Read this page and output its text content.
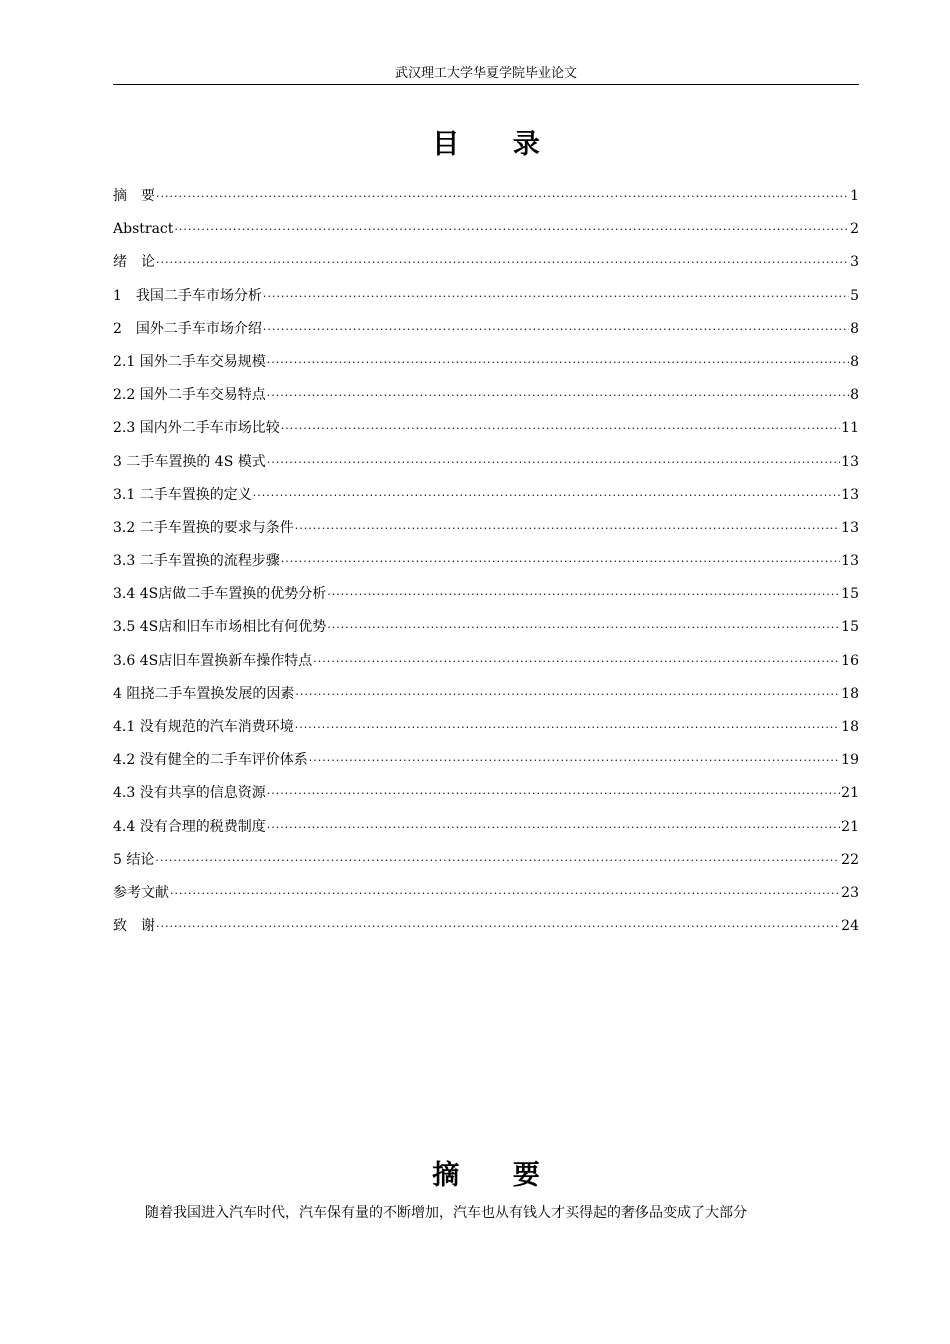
武汉理工大学华夏学院毕业论文
目 录
摘　要 ·····	1
Abstract ·····	2
绪　论 ·····	3
1　我国二手车市场分析 ·····	5
2　国外二手车市场介绍 ·····	8
2.1 国外二手车交易规模 ·····	8
2.2 国外二手车交易特点 ·····	8
2.3 国内外二手车市场比较 ·····	11
3 二手车置换的 4S 模式 ·····	13
3.1 二手车置换的定义 ·····	13
3.2 二手车置换的要求与条件 ·····	13
3.3 二手车置换的流程步骤 ·····	13
3.4 4S店做二手车置换的优势分析 ·····	15
3.5 4S店和旧车市场相比有何优势 ·····	15
3.6 4S店旧车置换新车操作特点 ·····	16
4 阻挠二手车置换发展的因素 ·····	18
4.1 没有规范的汽车消费环境 ·····	18
4.2 没有健全的二手车评价体系 ·····	19
4.3 没有共享的信息资源 ·····	21
4.4 没有合理的税费制度 ·····	21
5 结论 ·····	22
参考文献 ·····	23
致　谢 ·····	24
摘 要
随着我国进入汽车时代，汽车保有量的不断增加，汽车也从有钱人才买得起的奢侈品变成了大部分
